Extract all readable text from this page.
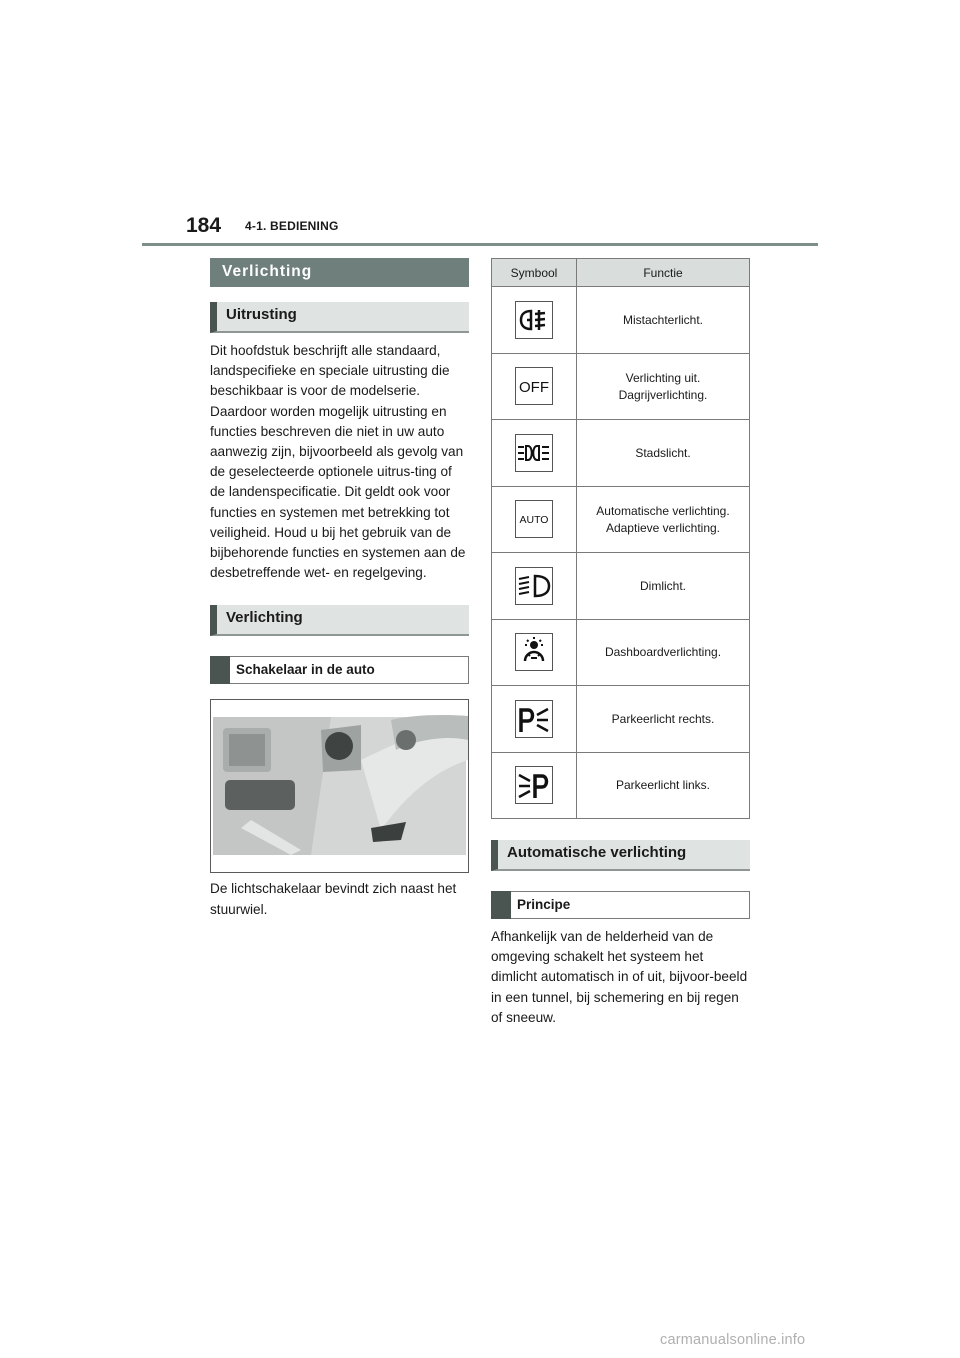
184 4-1. BEDIENING
Verlichting
Uitrusting

Dit hoofdstuk beschrijft alle standaard, landspecifieke en speciale uitrusting die beschikbaar is voor de modelserie. Daardoor worden mogelijk uitrusting en functies beschreven die niet in uw auto aanwezig zijn, bijvoorbeeld als gevolg van de geselecteerde optionele uitrus-ting of de landenspecificatie. Dit geldt ook voor functies en systemen met betrekking tot veiligheid. Houd u bij het gebruik van de bijbehorende functies en systemen aan de desbetreffende wet- en regelgeving.

Verlichting
Schakelaar in de auto

De lichtschakelaar bevindt zich naast het stuurwiel.

Symbool	Functie

Mistachterlicht.

OFF	Verlichting uit.
Dagrijverlichting.

Stadslicht.

AUTO	Automatische verlichting.
Adaptieve verlichting.

Dimlicht.

Dashboardverlichting.

Parkeerlicht rechts.

Parkeerlicht links.
Automatische verlichting
Principe

Afhankelijk van de helderheid van de omgeving schakelt het systeem het dimlicht automatisch in of uit, bijvoor-beeld in een tunnel, bij schemering en bij regen of sneeuw.

carmanualsonline.info
